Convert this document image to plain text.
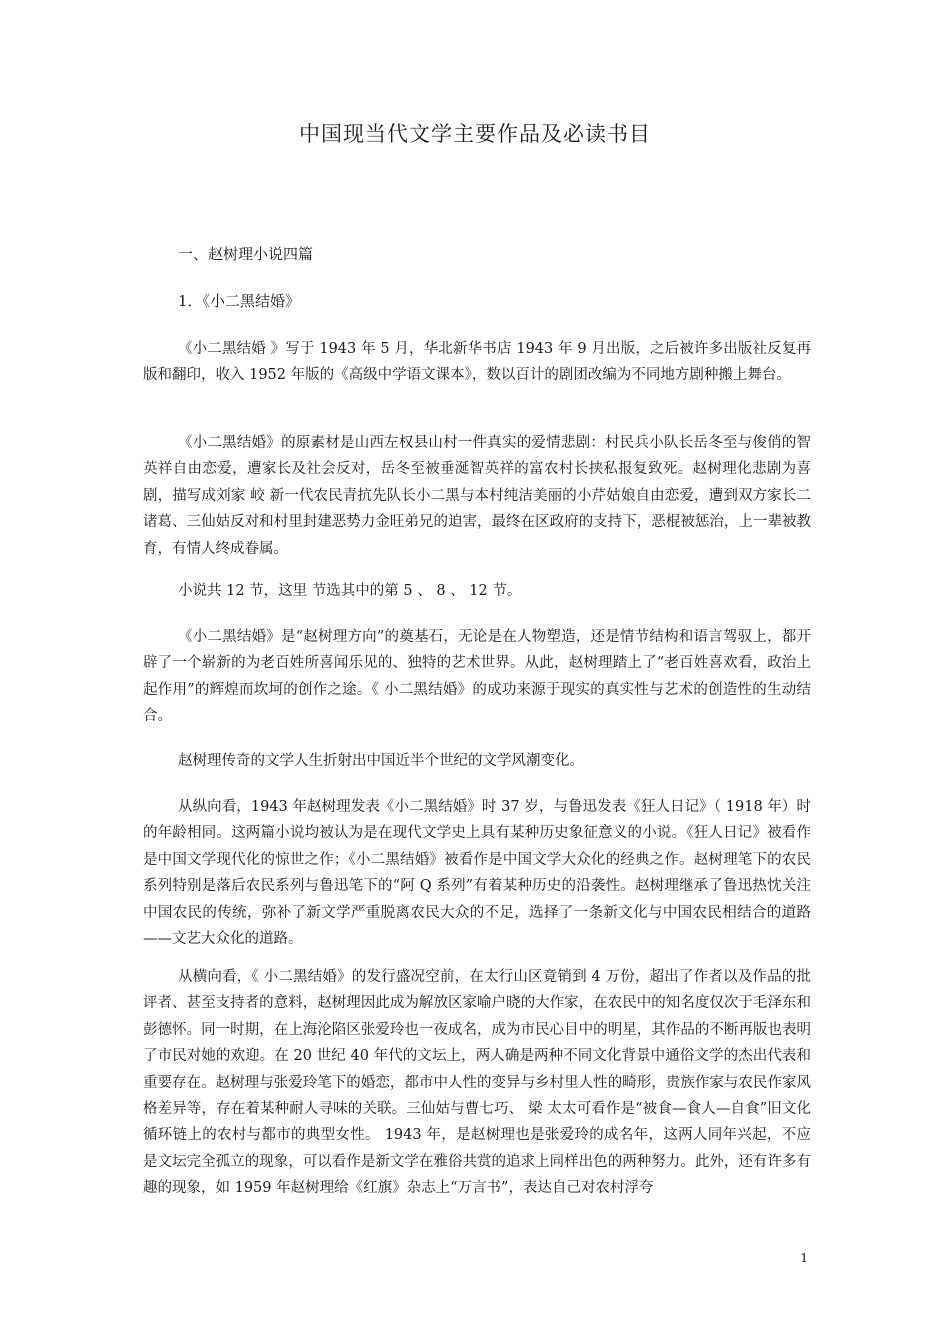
中国现当代文学主要作品及必读书目
一、赵树理小说四篇
1．《小二黑结婚》

《小二黑结婚 》写于 1943 年 5 月，华北新华书店 1943 年 9 月出版，之后被许多出版社反复再版和翻印，收入 1952 年版的《高级中学语文课本》，数以百计的剧团改编为不同地方剧种搬上舞台。

《小二黑结婚》的原素材是山西左权县山村一件真实的爱情悲剧：村民兵小队长岳冬至与俊俏的智英祥自由恋爱，遭家长及社会反对，岳冬至被垂涎智英祥的富农村长挟私报复致死。赵树理化悲剧为喜剧，描写成刘家 峧 新一代农民青抗先队长小二黑与本村纯洁美丽的小芹姑娘自由恋爱，遭到双方家长二诸葛、三仙姑反对和村里封建恶势力金旺弟兄的迫害，最终在区政府的支持下，恶棍被惩治，上一辈被教育，有情人终成眷属。

小说共 12 节，这里 节选其中的第 5 、 8 、 12 节。

《小二黑结婚》是“赵树理方向”的奠基石，无论是在人物塑造，还是情节结构和语言驾驭上，都开辟了一个崭新的为老百姓所喜闻乐见的、独特的艺术世界。从此，赵树理踏上了“老百姓喜欢看，政治上起作用”的辉煌而坎坷的创作之途。《 小二黑结婚》的成功来源于现实的真实性与艺术的创造性的生动结合。

赵树理传奇的文学人生折射出中国近半个世纪的文学风潮变化。

从纵向看，1943 年赵树理发表《小二黑结婚》时 37 岁，与鲁迅发表《狂人日记》（ 1918 年）时的年龄相同。这两篇小说均被认为是在现代文学史上具有某种历史象征意义的小说。《狂人日记》被看作是中国文学现代化的惊世之作；《小二黑结婚》被看作是中国文学大众化的经典之作。赵树理笔下的农民系列特别是落后农民系列与鲁迅笔下的“阿 Q 系列”有着某种历史的沿袭性。赵树理继承了鲁迅热忱关注中国农民的传统，弥补了新文学严重脱离农民大众的不足，选择了一条新文化与中国农民相结合的道路——文艺大众化的道路。

从横向看，《 小二黑结婚》的发行盛况空前，在太行山区竟销到 4 万份，超出了作者以及作品的批评者、甚至支持者的意料，赵树理因此成为解放区家喻户晓的大作家，在农民中的知名度仅次于毛泽东和彭德怀。同一时期，在上海沦陷区张爱玲也一夜成名，成为市民心目中的明星，其作品的不断再版也表明了市民对她的欢迎。在 20 世纪 40 年代的文坛上，两人确是两种不同文化背景中通俗文学的杰出代表和重要存在。赵树理与张爱玲笔下的婚恋，都市中人性的变异与乡村里人性的畸形，贵族作家与农民作家风格差异等，存在着某种耐人寻味的关联。三仙姑与曹七巧、 梁 太太可看作是“被食—食人—自食”旧文化循环链上的农村与都市的典型女性。 1943 年，是赵树理也是张爱玲的成名年，这两人同年兴起，不应是文坛完全孤立的现象，可以看作是新文学在雅俗共赏的追求上同样出色的两种努力。此外，还有许多有趣的现象，如 1959 年赵树理给《红旗》杂志上“万言书”，表达自己对农村浮夸

1
